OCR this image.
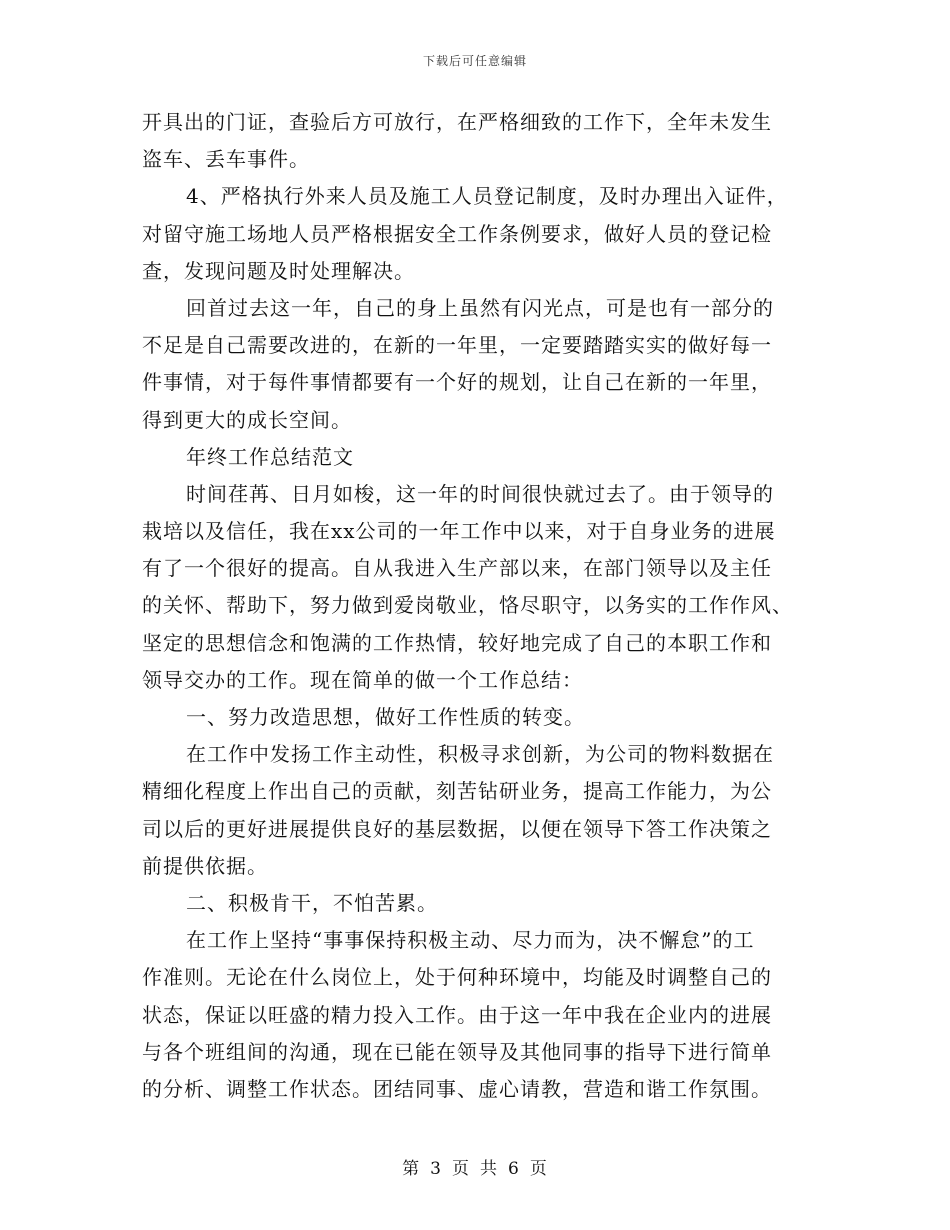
下载后可任意编辑
开具出的门证，查验后方可放行，在严格细致的工作下，全年未发生
盗车、丢车事件。
4、严格执行外来人员及施工人员登记制度，及时办理出入证件，
对留守施工场地人员严格根据安全工作条例要求，做好人员的登记检
查，发现问题及时处理解决。
回首过去这一年，自己的身上虽然有闪光点，可是也有一部分的
不足是自己需要改进的，在新的一年里，一定要踏踏实实的做好每一
件事情，对于每件事情都要有一个好的规划，让自己在新的一年里，
得到更大的成长空间。
年终工作总结范文
时间荏苒、日月如梭，这一年的时间很快就过去了。由于领导的
栽培以及信任，我在xx公司的一年工作中以来，对于自身业务的进展
有了一个很好的提高。自从我进入生产部以来，在部门领导以及主任
的关怀、帮助下，努力做到爱岗敬业，恪尽职守，以务实的工作作风、
坚定的思想信念和饱满的工作热情，较好地完成了自己的本职工作和
领导交办的工作。现在简单的做一个工作总结：
一、努力改造思想，做好工作性质的转变。
在工作中发扬工作主动性，积极寻求创新，为公司的物料数据在
精细化程度上作出自己的贡献，刻苦钻研业务，提高工作能力，为公
司以后的更好进展提供良好的基层数据，以便在领导下答工作决策之
前提供依据。
二、积极肯干，不怕苦累。
在工作上坚持“事事保持积极主动、尽力而为，决不懈怠”的工
作准则。无论在什么岗位上，处于何种环境中，均能及时调整自己的
状态，保证以旺盛的精力投入工作。由于这一年中我在企业内的进展
与各个班组间的沟通，现在已能在领导及其他同事的指导下进行简单
的分析、调整工作状态。团结同事、虚心请教，营造和谐工作氛围。
第 3 页 共 6 页
